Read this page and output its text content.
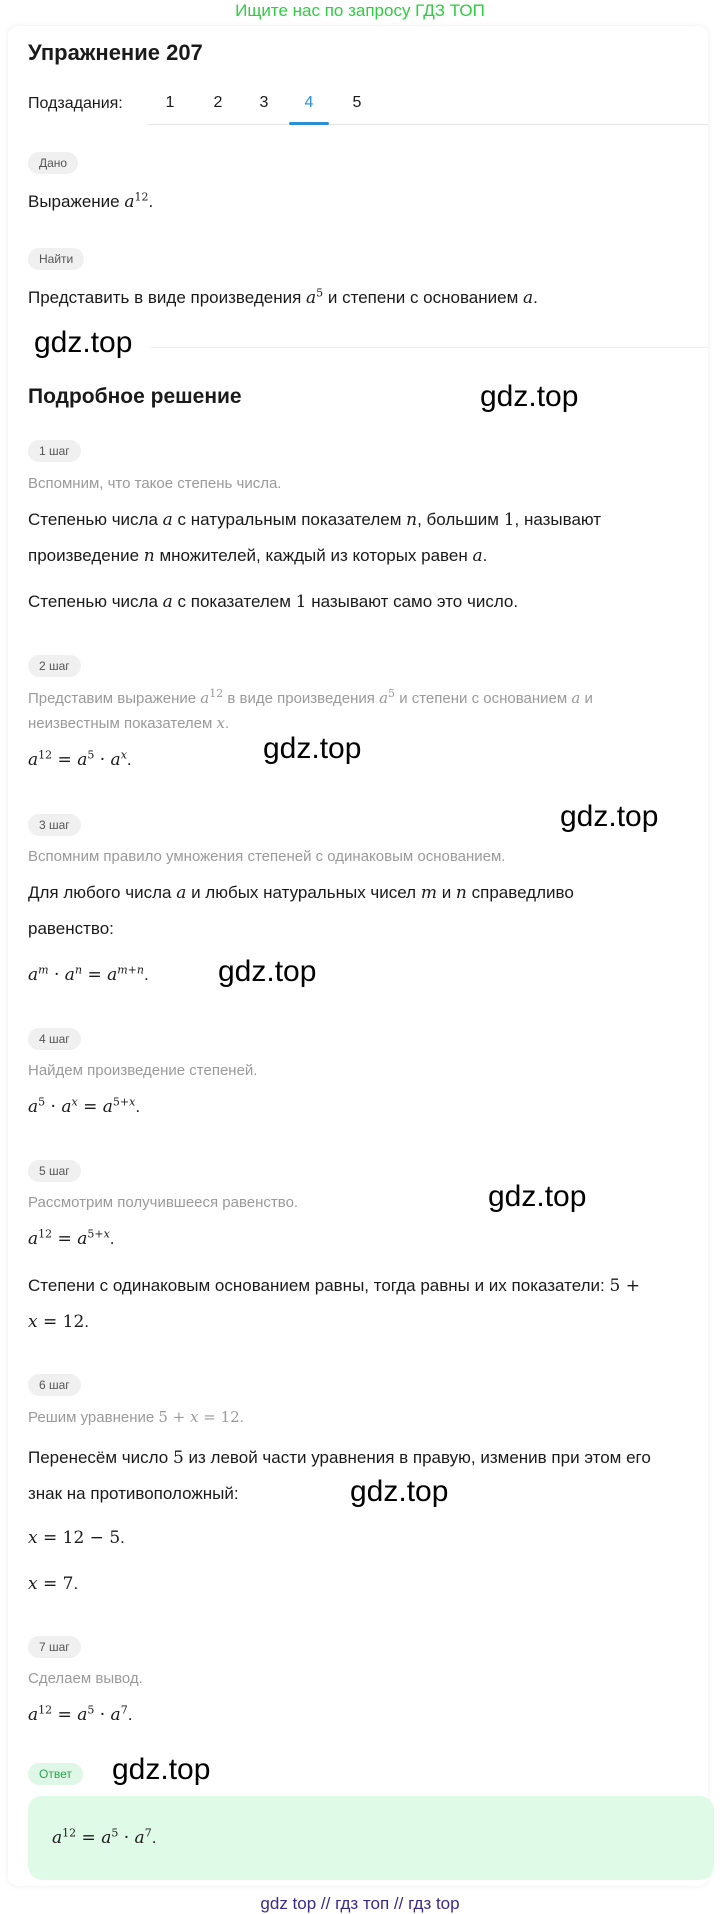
Ищите нас по запросу ГДЗ ТОП
Упражнение 207
Подзадания:	1	2	3	4	5
Дано
Выражение $a^{12}$.
Найти
Представить в виде произведения $a^5$ и степени с основанием a.
gdz.top
Подробное решение	gdz.top
1 шаг
Вспомним, что такое степень числа.
Степенью числа a с натуральным показателем n, большим 1, называют
произведение n множителей, каждый из которых равен a.
Степенью числа a с показателем 1 называют само это число.
2 шаг
Представим выражение $a^{12}$ в виде произведения $a^5$ и степени с основанием a и
неизвестным показателем x.
$a^{12} = a^5 \cdot a^x$.	gdz.top
gdz.top
3 шаг
Вспомним правило умножения степеней с одинаковым основанием.
Для любого числа a и любых натуральных чисел m и n справедливо
равенство:
$a^m \cdot a^n = a^{m+n}$. gdz.top
4 шаг
Найдем произведение степеней.
$a^5 \cdot a^x = a^{5+x}$.
gdz.top
5 шаг
Рассмотрим получившееся равенство.
$a^{12} = a^{5+x}$.
Степени с одинаковым основанием равны, тогда равны и их показатели: 5 +
x = 12.
6 шаг
Решим уравнение 5 + x = 12.
Перенесём число 5 из левой части уравнения в правую, изменив при этом его
знак на противоположный:	gdz.top
x = 12 − 5.
x = 7.
7 шаг
Сделаем вывод.
$a^{12} = a^5 \cdot a^7$.
Ответ	gdz.top
$a^{12} = a^5 \cdot a^7$.
gdz top // гдз топ // гдз top
